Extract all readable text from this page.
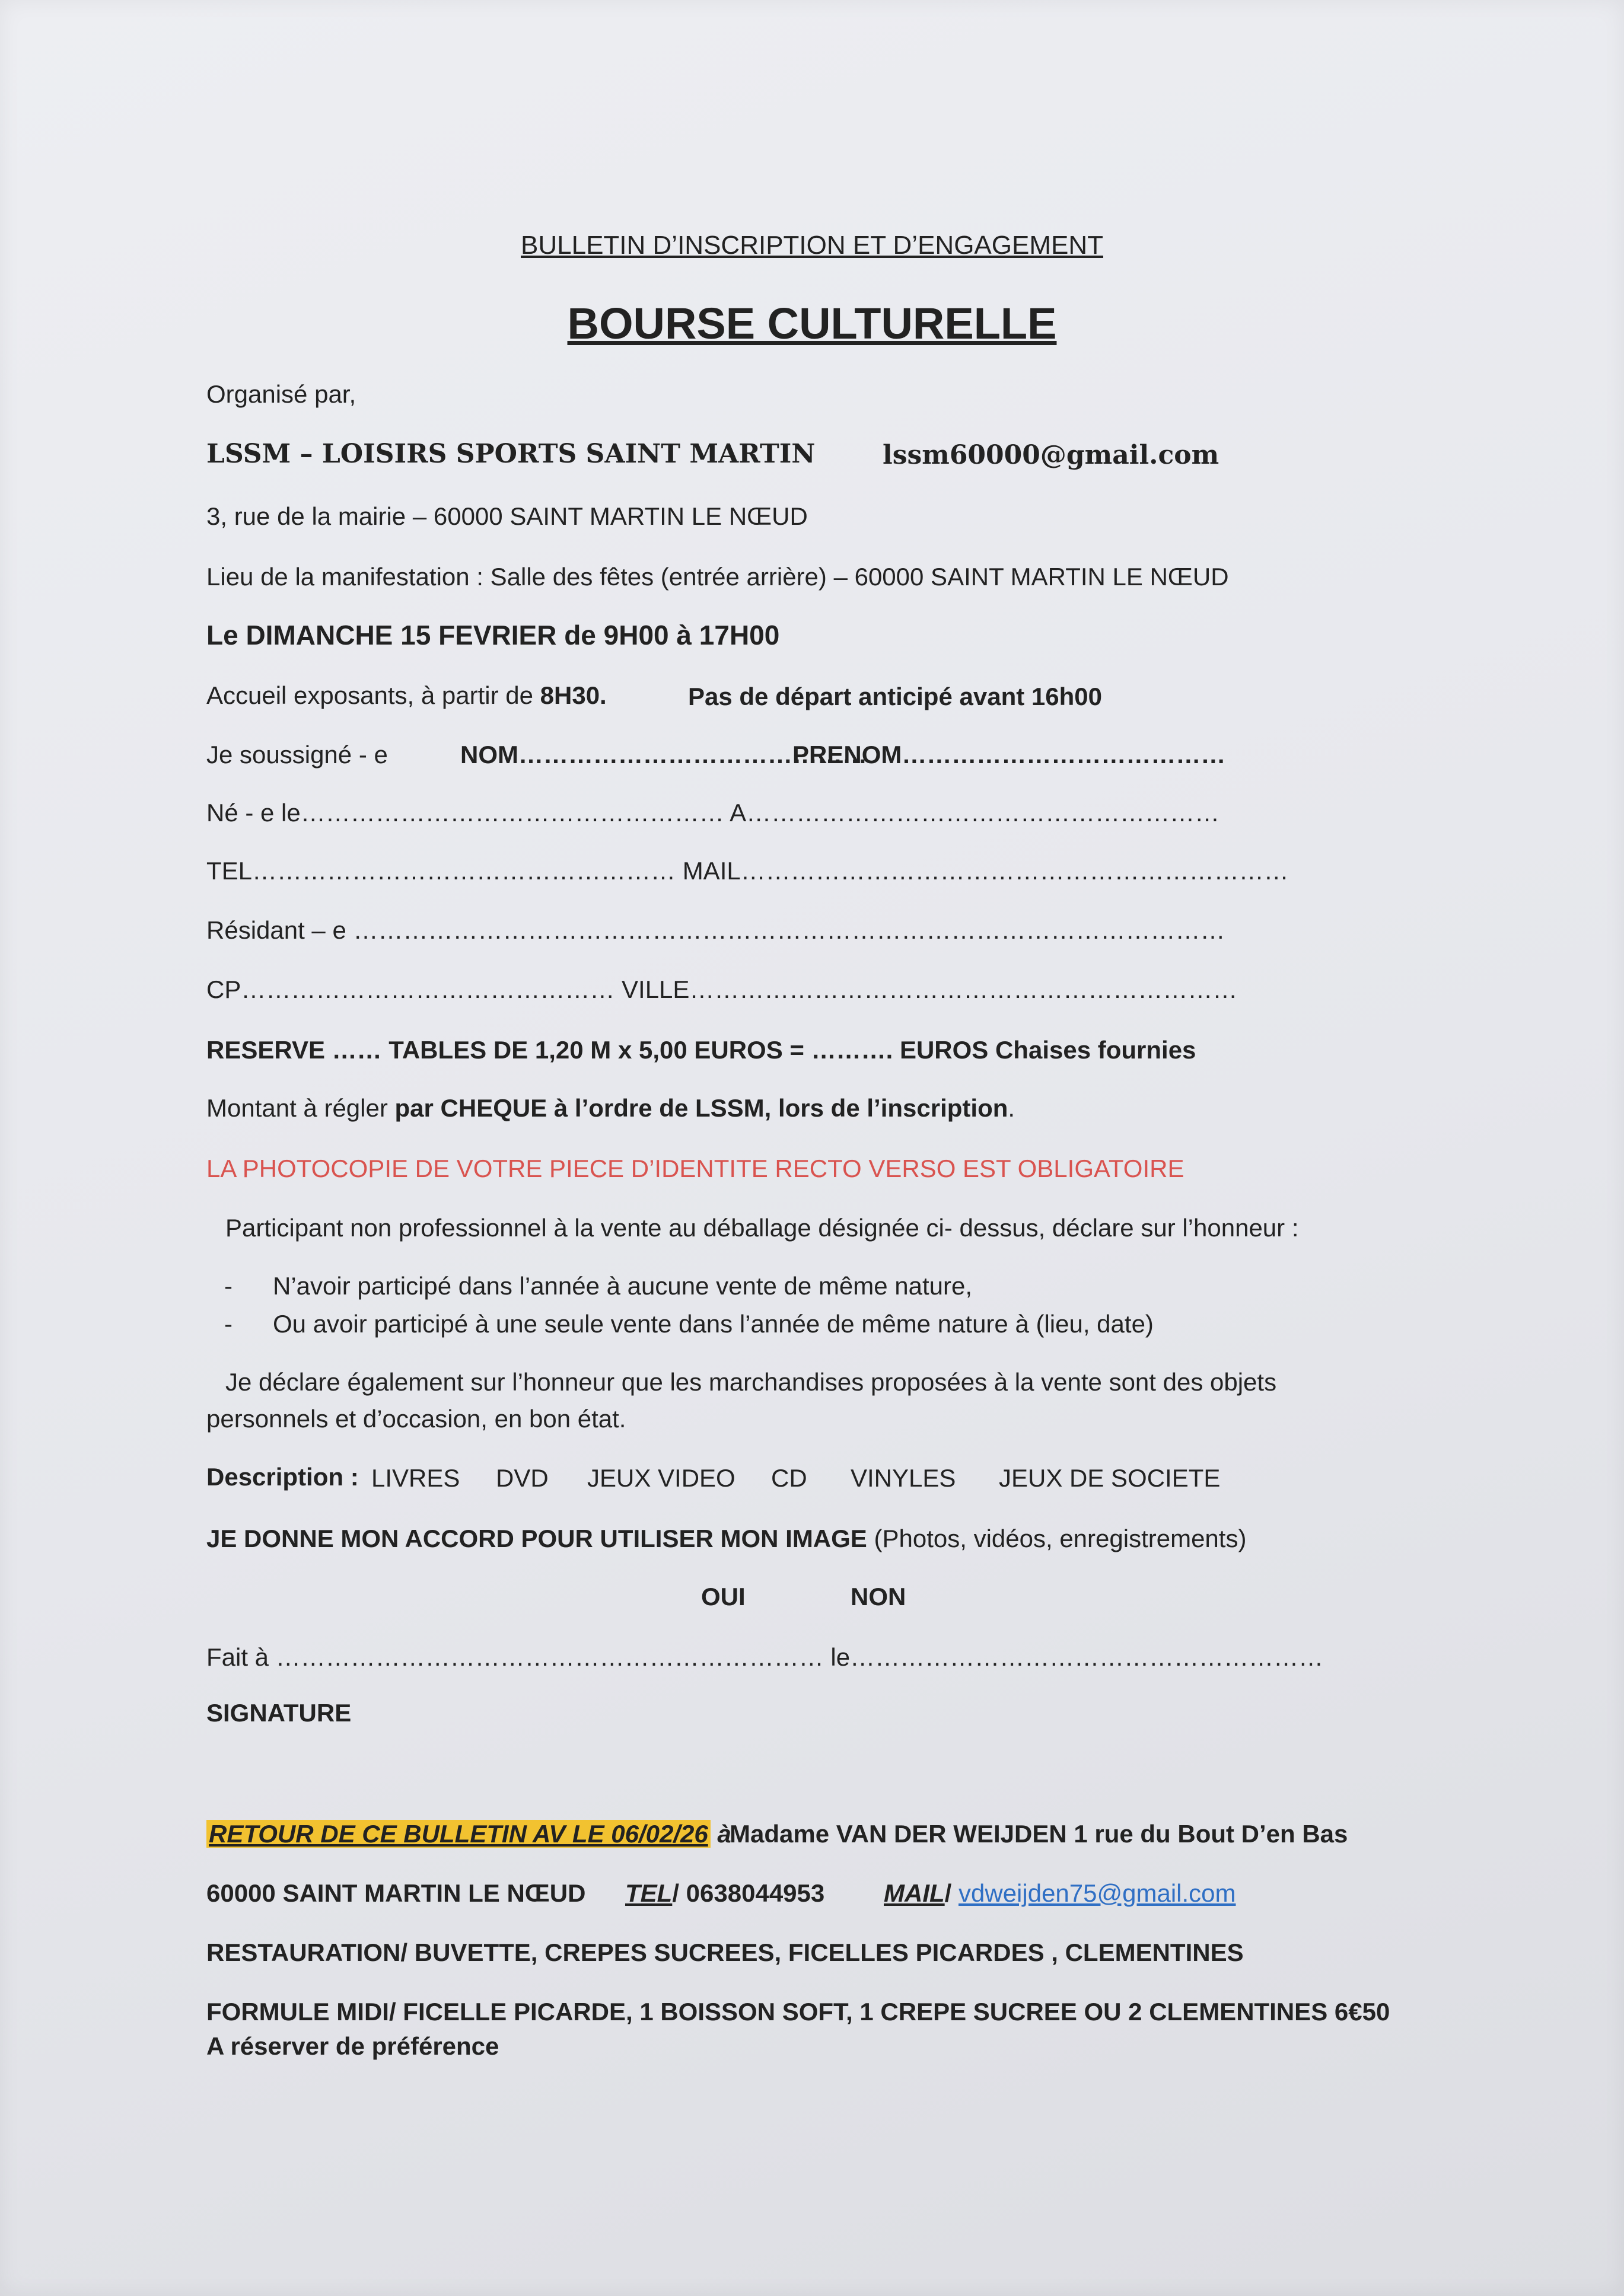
BULLETIN D’INSCRIPTION ET D’ENGAGEMENT
BOURSE CULTURELLE
Organisé par,
LSSM – LOISIRS SPORTS SAINT MARTIN	lssm60000@gmail.com
3, rue de la mairie – 60000 SAINT MARTIN LE NŒUD
Lieu de la manifestation : Salle des fêtes (entrée arrière) – 60000 SAINT MARTIN LE NŒUD
Le DIMANCHE 15 FEVRIER de 9H00 à 17H00
Accueil exposants, à partir de 8H30.	Pas de départ anticipé avant 16h00
Je soussigné - e	NOM……………………………………
PRENOM…………………………………
Né - e le…………………………………………… A…………………………………………………
TEL…………………………………………… MAIL…………………………………………………………
Résidant – e ……………………………………………………………………………………………
CP……………………………………… VILLE…………………………………………………………
RESERVE …… TABLES DE 1,20 M x 5,00 EUROS = ………. EUROS Chaises fournies
Montant à régler par CHEQUE à l’ordre de LSSM, lors de l’inscription.
LA PHOTOCOPIE DE VOTRE PIECE D’IDENTITE RECTO VERSO EST OBLIGATOIRE
Participant non professionnel à la vente au déballage désignée ci- dessus, déclare sur l’honneur :
- N’avoir participé dans l’année à aucune vente de même nature,
- Ou avoir participé à une seule vente dans l’année de même nature à (lieu, date)
Je déclare également sur l’honneur que les marchandises proposées à la vente sont des objets
personnels et d’occasion, en bon état.
Description : LIVRES DVD JEUX VIDEO CD VINYLES JEUX DE SOCIETE
JE DONNE MON ACCORD POUR UTILISER MON IMAGE (Photos, vidéos, enregistrements)
OUI	NON
Fait à ………………………………………………………… le…………………………………………………
SIGNATURE
RETOUR DE CE BULLETIN AV LE 06/02/26 à
Madame VAN DER WEIJDEN 1 rue du Bout D’en Bas
60000 SAINT MARTIN LE NŒUD TEL/ 0638044953 MAIL/ vdweijden75@gmail.com
RESTAURATION/ BUVETTE, CREPES SUCREES, FICELLES PICARDES , CLEMENTINES
FORMULE MIDI/ FICELLE PICARDE, 1 BOISSON SOFT, 1 CREPE SUCREE OU 2 CLEMENTINES 6€50
A réserver de préférence
